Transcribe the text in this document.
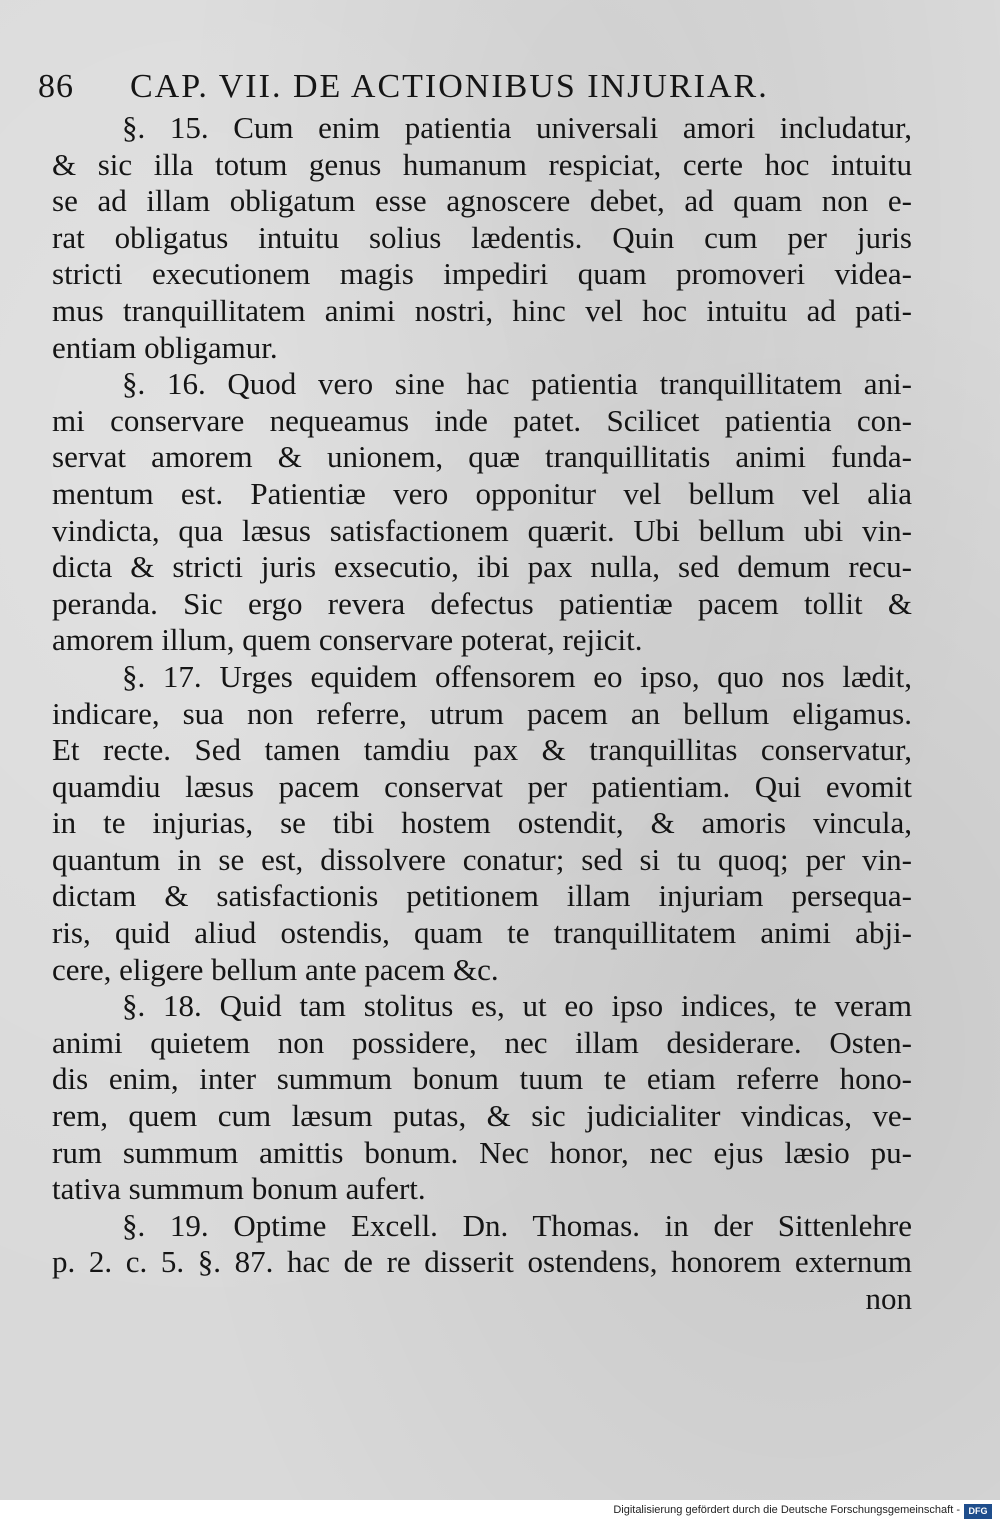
86 CAP. VII. DE ACTIONIBUS INJURIAR.
§. 15. Cum enim patientia universali amori includatur,
& sic illa totum genus humanum respiciat, certe hoc intuitu
se ad illam obligatum esse agnoscere debet, ad quam non e-
rat obligatus intuitu solius lædentis. Quin cum per juris
stricti executionem magis impediri quam promoveri videa-
mus tranquillitatem animi nostri, hinc vel hoc intuitu ad pati-
entiam obligamur.
§. 16. Quod vero sine hac patientia tranquillitatem ani-
mi conservare nequeamus inde patet. Scilicet patientia con-
servat amorem & unionem, quæ tranquillitatis animi funda-
mentum est. Patientiæ vero opponitur vel bellum vel alia
vindicta, qua læsus satisfactionem quærit. Ubi bellum ubi vin-
dicta & stricti juris exsecutio, ibi pax nulla, sed demum recu-
peranda. Sic ergo revera defectus patientiæ pacem tollit &
amorem illum, quem conservare poterat, rejicit.
§. 17. Urges equidem offensorem eo ipso, quo nos lædit,
indicare, sua non referre, utrum pacem an bellum eligamus.
Et recte. Sed tamen tamdiu pax & tranquillitas conservatur,
quamdiu læsus pacem conservat per patientiam. Qui evomit
in te injurias, se tibi hostem ostendit, & amoris vincula,
quantum in se est, dissolvere conatur; sed si tu quoq; per vin-
dictam & satisfactionis petitionem illam injuriam persequa-
ris, quid aliud ostendis, quam te tranquillitatem animi abji-
cere, eligere bellum ante pacem &c.
§. 18. Quid tam stolitus es, ut eo ipso indices, te veram
animi quietem non possidere, nec illam desiderare. Osten-
dis enim, inter summum bonum tuum te etiam referre hono-
rem, quem cum læsum putas, & sic judicialiter vindicas, ve-
rum summum amittis bonum. Nec honor, nec ejus læsio pu-
tativa summum bonum aufert.
§. 19. Optime Excell. Dn. Thomas. in der Sittenlehre
p. 2. c. 5. §. 87. hac de re disserit ostendens, honorem externum
non
Digitalisierung gefördert durch die Deutsche Forschungsgemeinschaft - DFG
